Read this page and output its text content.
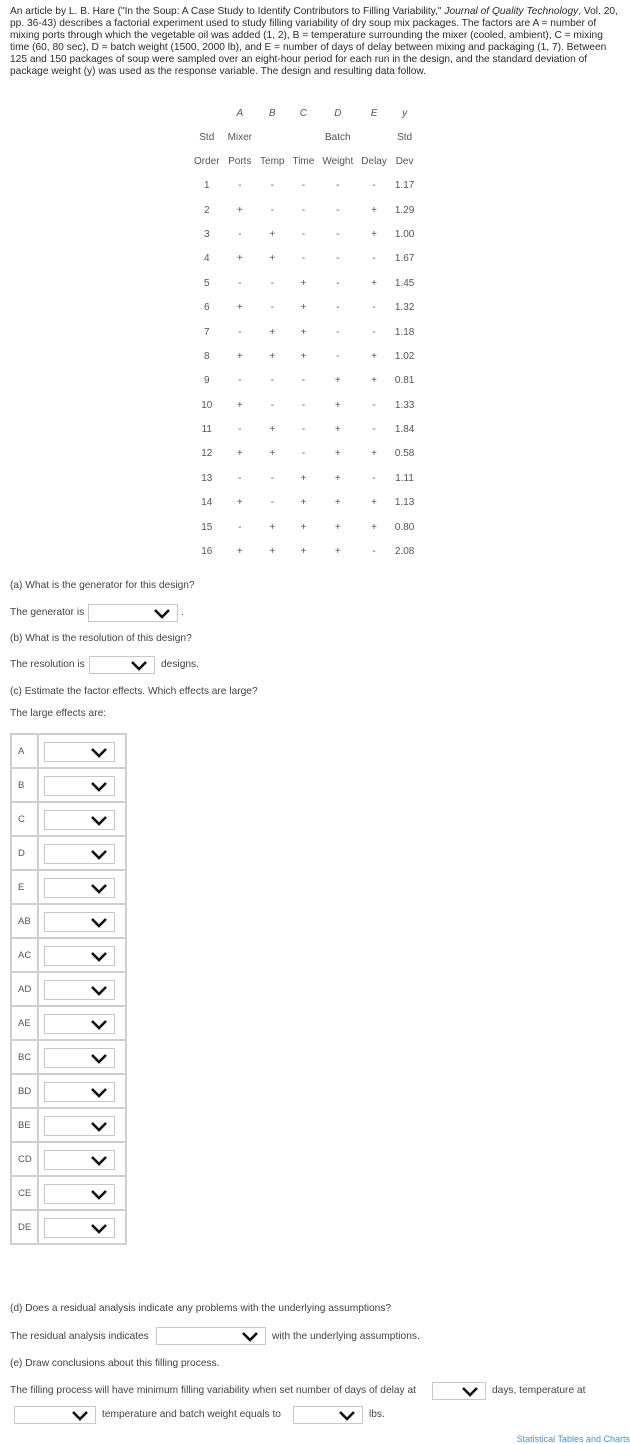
An article by L. B. Hare ("In the Soup: A Case Study to Identify Contributors to Filling Variability," Journal of Quality Technology, Vol. 20, pp. 36-43) describes a factorial experiment used to study filling variability of dry soup mix packages. The factors are A = number of mixing ports through which the vegetable oil was added (1, 2), B = temperature surrounding the mixer (cooled, ambient), C = mixing time (60, 80 sec), D = batch weight (1500, 2000 lb), and E = number of days of delay between mixing and packaging (1, 7). Between 125 and 150 packages of soup were sampled over an eight-hour period for each run in the design, and the standard deviation of package weight (y) was used as the response variable. The design and resulting data follow.
	A	B	C	D	E	y
Std	Mixer			Batch		Std
Order	Ports	Temp	Time	Weight	Delay	Dev
1	-	-	-	-	-	1.17
2	+	-	-	-	+	1.29
3	-	+	-	-	+	1.00
4	+	+	-	-	-	1.67
5	-	-	+	-	+	1.45
6	+	-	+	-	-	1.32
7	-	+	+	-	-	1.18
8	+	+	+	-	+	1.02
9	-	-	-	+	+	0.81
10	+	-	-	+	-	1.33
11	-	+	-	+	-	1.84
12	+	+	-	+	+	0.58
13	-	-	+	+	-	1.11
14	+	-	+	+	+	1.13
15	-	+	+	+	+	0.80
16	+	+	+	+	-	2.08
(a) What is the generator for this design?
The generator is	.
(b) What is the resolution of this design?
The resolution is	designs.
(c) Estimate the factor effects. Which effects are large?
The large effects are:
A	

B	

C	

D	

E	

AB	

AC	

AD	

AE	

BC	

BD	

BE	

CD	

CE	

DE	
(d) Does a residual analysis indicate any problems with the underlying assumptions?
The residual analysis indicates	with the underlying assumptions.
(e) Draw conclusions about this filling process.
The filling process will have minimum filling variability when set number of days of delay at	days, temperature at
temperature and batch weight equals to	lbs.
Statistical Tables and Charts
